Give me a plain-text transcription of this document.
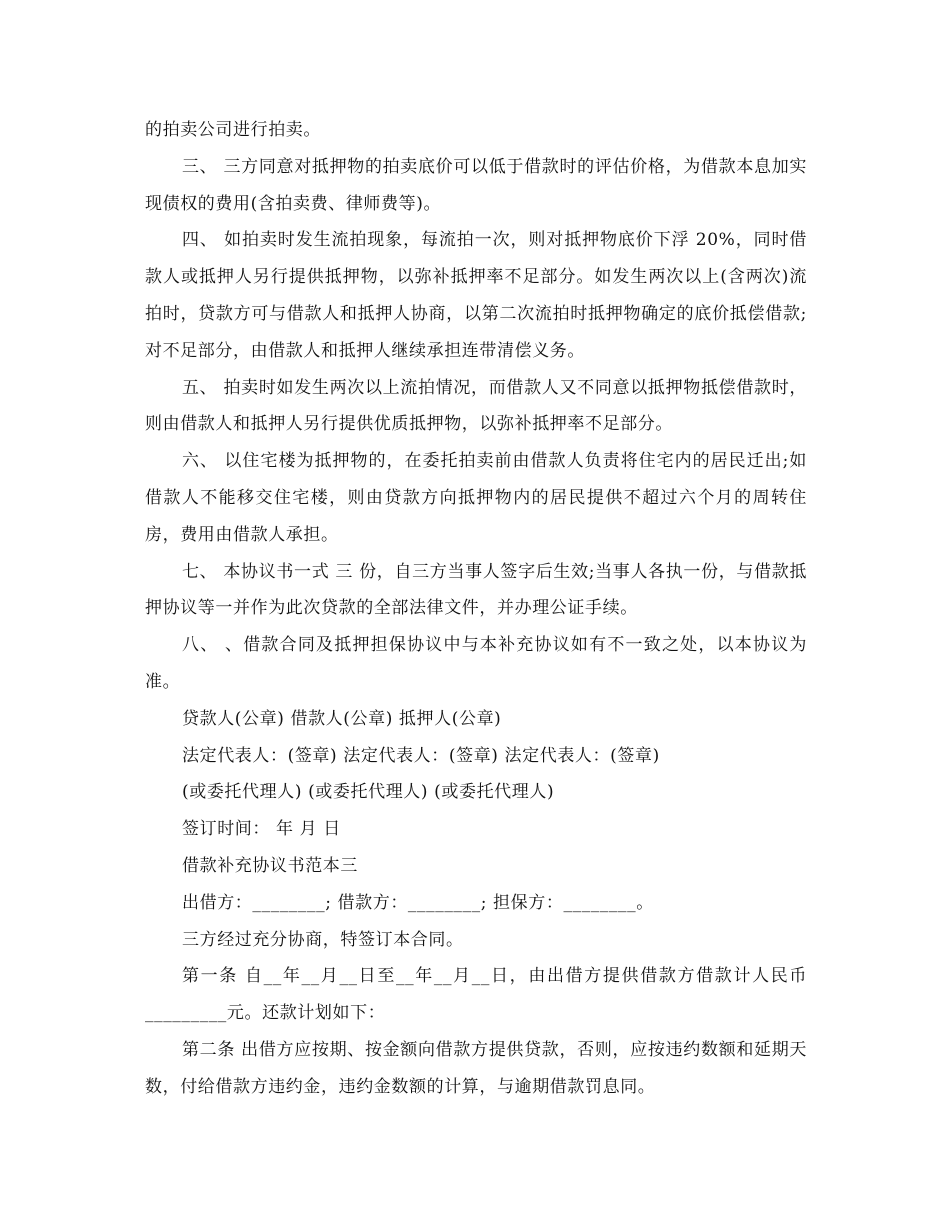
的拍卖公司进行拍卖。

三、 三方同意对抵押物的拍卖底价可以低于借款时的评估价格，为借款本息加实现债权的费用(含拍卖费、律师费等)。

四、 如拍卖时发生流拍现象，每流拍一次，则对抵押物底价下浮 20%，同时借款人或抵押人另行提供抵押物，以弥补抵押率不足部分。如发生两次以上(含两次)流拍时，贷款方可与借款人和抵押人协商，以第二次流拍时抵押物确定的底价抵偿借款;对不足部分，由借款人和抵押人继续承担连带清偿义务。

五、 拍卖时如发生两次以上流拍情况，而借款人又不同意以抵押物抵偿借款时，则由借款人和抵押人另行提供优质抵押物，以弥补抵押率不足部分。

六、 以住宅楼为抵押物的，在委托拍卖前由借款人负责将住宅内的居民迁出;如借款人不能移交住宅楼，则由贷款方向抵押物内的居民提供不超过六个月的周转住房，费用由借款人承担。

七、 本协议书一式 三 份，自三方当事人签字后生效;当事人各执一份，与借款抵押协议等一并作为此次贷款的全部法律文件，并办理公证手续。

八、 、借款合同及抵押担保协议中与本补充协议如有不一致之处，以本协议为准。

贷款人(公章) 借款人(公章) 抵押人(公章)

法定代表人：(签章) 法定代表人：(签章) 法定代表人：(签章)

(或委托代理人) (或委托代理人) (或委托代理人)

签订时间： 年 月 日

借款补充协议书范本三

出借方：________; 借款方：________; 担保方：________。

三方经过充分协商，特签订本合同。

第一条 自__年__月__日至__年__月__日，由出借方提供借款方借款计人民币_________元。还款计划如下：

第二条 出借方应按期、按金额向借款方提供贷款，否则，应按违约数额和延期天数，付给借款方违约金，违约金数额的计算，与逾期借款罚息同。
